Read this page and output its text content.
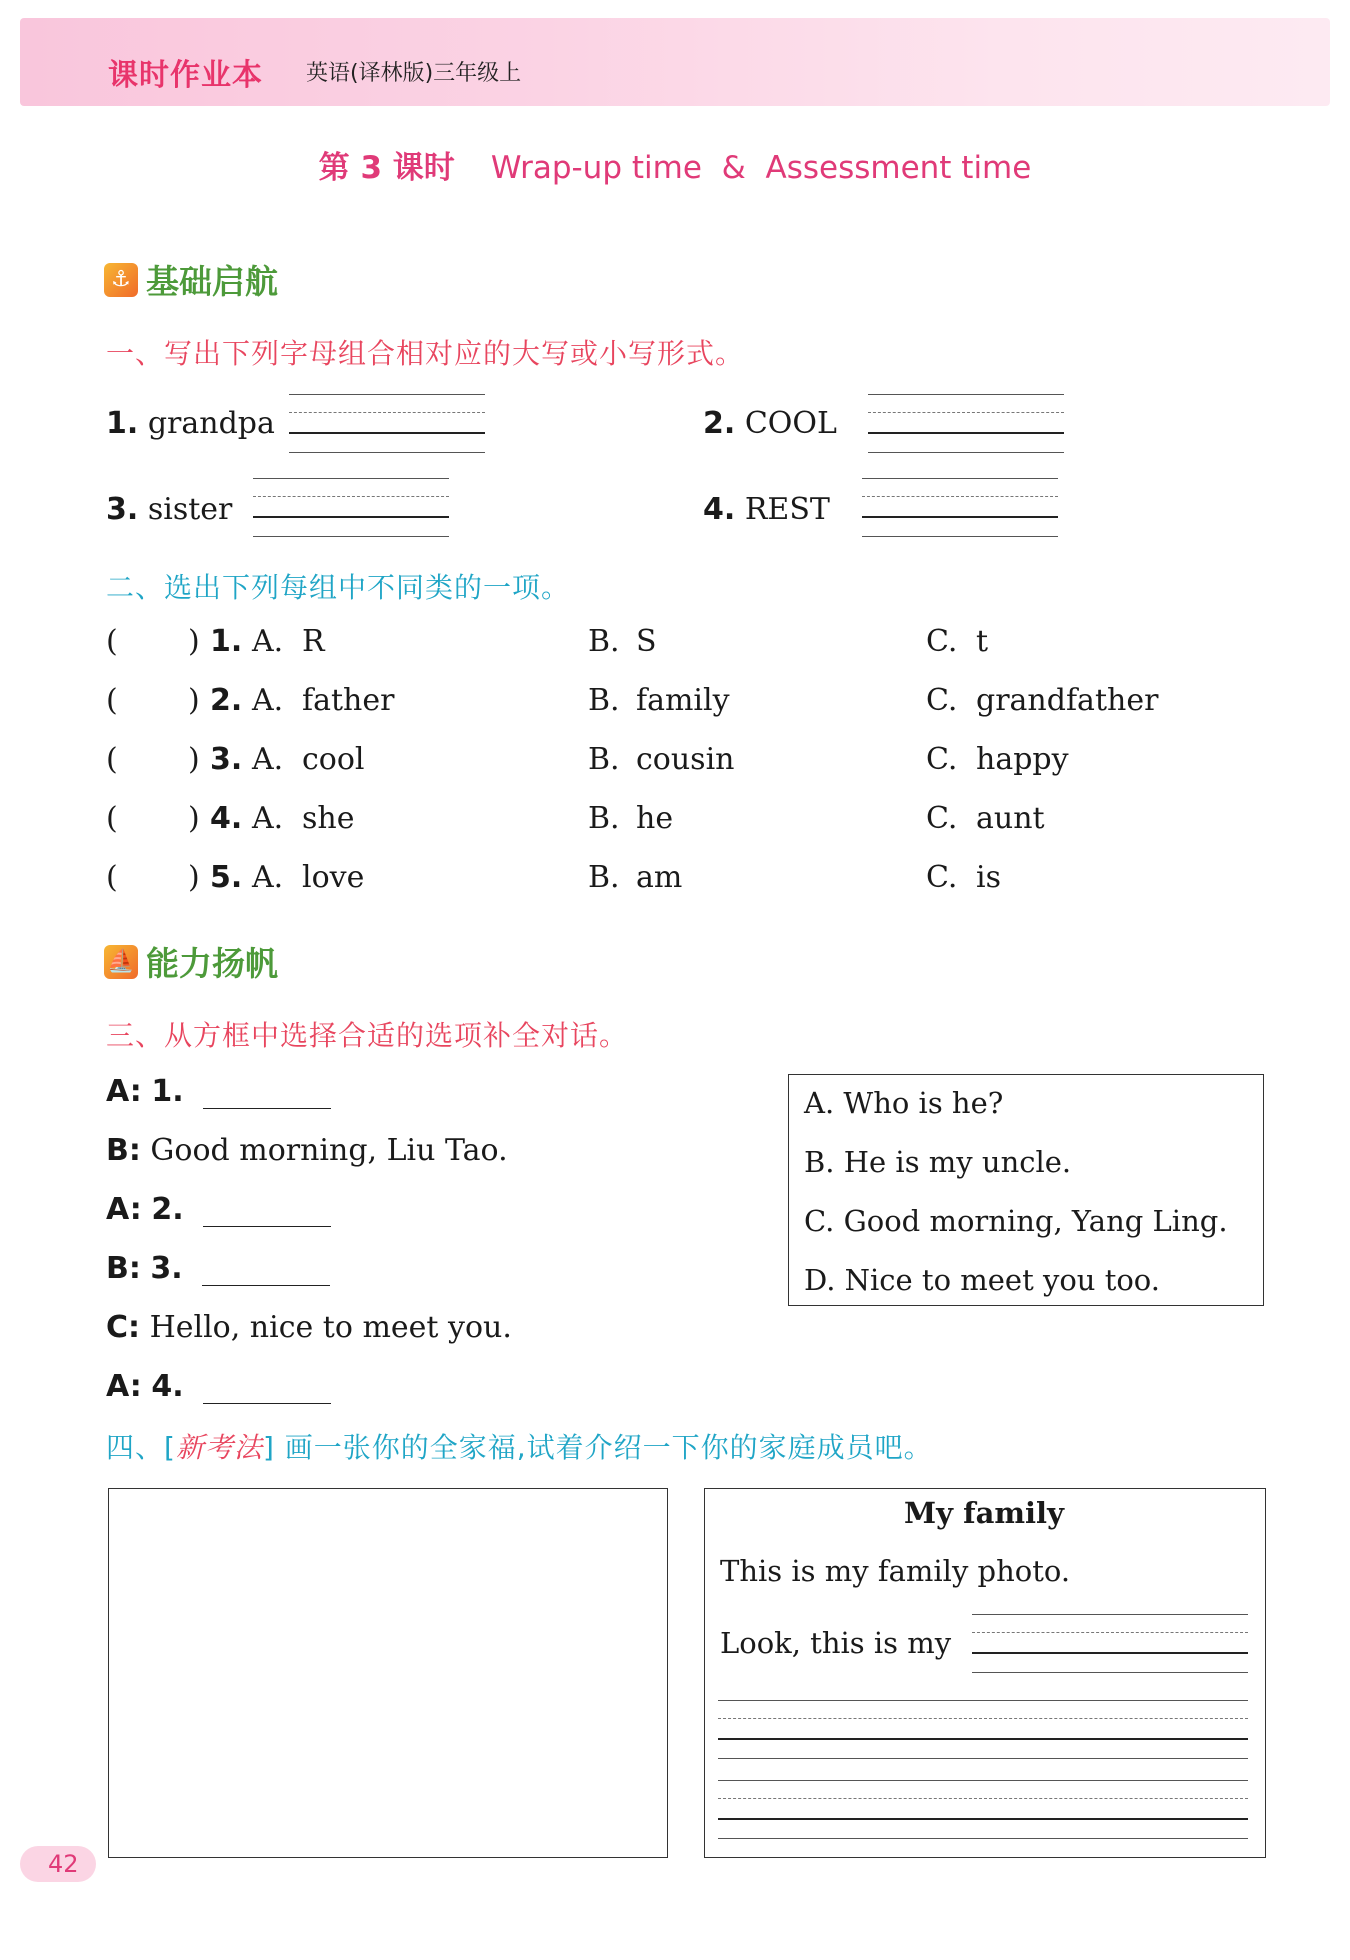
课时作业本 英语(译林版)三年级上
第 3 课时 Wrap-up time  &  Assessment time
⚓ 基础启航
一、写出下列字母组合相对应的大写或小写形式。
1. grandpa	2. COOL
3. sister	4. REST
二、选出下列每组中不同类的一项。
( ) 1. A. R	B. S	C. t
( ) 2. A. father	B. family	C. grandfather
( ) 3. A. cool	B. cousin	C. happy
( ) 4. A. she	B. he	C. aunt
( ) 5. A. love	B. am	C. is
⛵ 能力扬帆
三、从方框中选择合适的选项补全对话。
A: 1.
B: Good morning, Liu Tao.
A: 2.
B: 3.
C: Hello, nice to meet you.
A: 4.
A. Who is he?
B. He is my uncle.
C. Good morning, Yang Ling.
D. Nice to meet you too.
四、[新考法] 画一张你的全家福,试着介绍一下你的家庭成员吧。
My family
This is my family photo.
Look, this is my
42
